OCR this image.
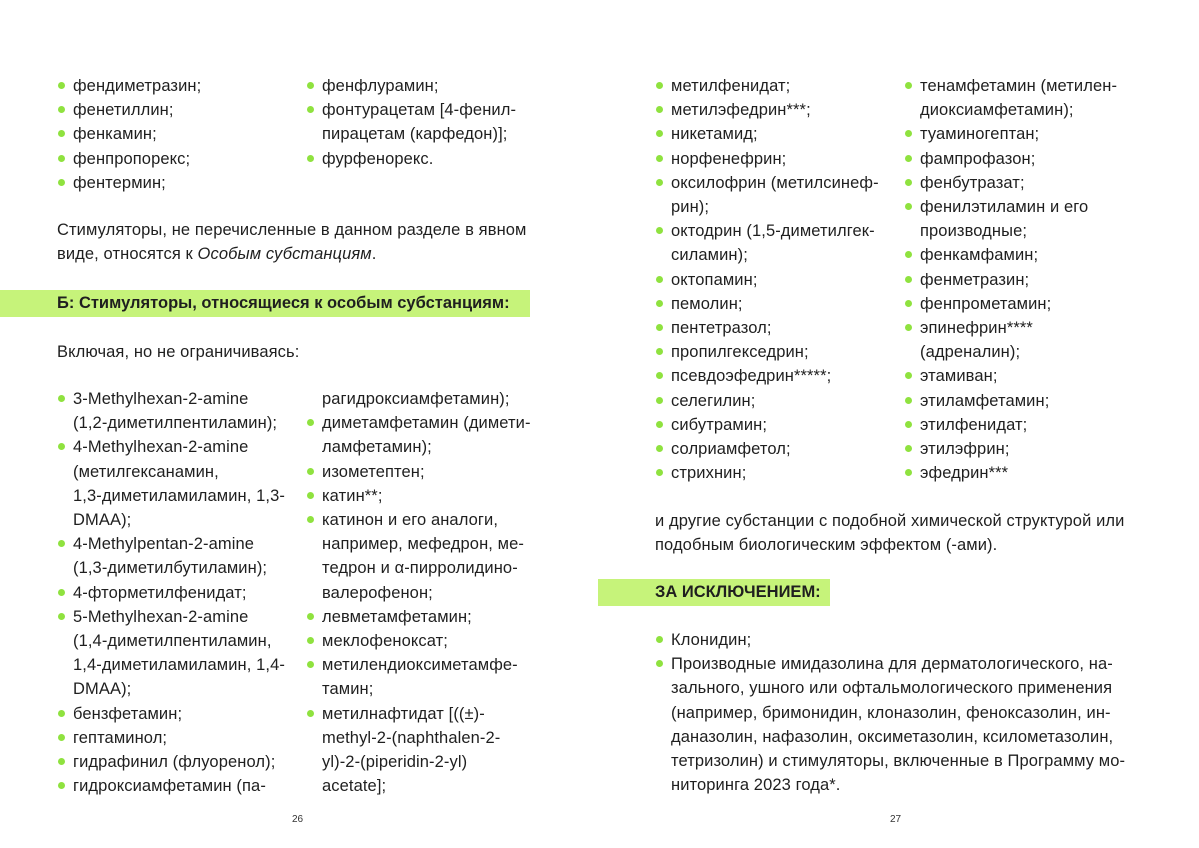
фендиметразин;
фенетиллин;
фенкамин;
фенпропорекс;
фентермин;
фенфлурамин;
фонтурацетам [4-фенил-
пирацетам (карфедон)];
фурфенорекс.

Стимуляторы, не перечисленные в данном разделе в явном
виде, относятся к Особым субстанциям.

Б: Стимуляторы, относящиеся к особым субстанциям:

Включая, но не ограничиваясь:

3-Methylhexan-2-amine
(1,2-диметилпентиламин);
4-Methylhexan-2-amine
(метилгексанамин,
1,3-диметиламиламин, 1,3-
DMAA);
4-Methylpentan-2-amine
(1,3-диметилбутиламин);
4-фторметилфенидат;
5-Methylhexan-2-amine
(1,4-диметилпентиламин,
1,4-диметиламиламин, 1,4-
DMAA);
бензфетамин;
гептаминол;
гидрафинил (флуоренол);
гидроксиамфетамин (па-
рагидроксиамфетамин);
диметамфетамин (димети-
ламфетамин);
изометептен;
катин**;
катинон и его аналоги,
например, мефедрон, ме-
тедрон и α-пирролидино-
валерофенон;
левметамфетамин;
меклофеноксат;
метилендиоксиметамфе-
тамин;
метилнафтидат [((±)-
methyl-2-(naphthalen-2-
yl)-2-(piperidin-2-yl)
acetate];
26
метилфенидат;
метилэфедрин***;
никетамид;
норфенефрин;
оксилофрин (метилсинеф-
рин);
октодрин (1,5-диметилгек-
силамин);
октопамин;
пемолин;
пентетразол;
пропилгекседрин;
псевдоэфедрин*****;
селегилин;
сибутрамин;
солриамфетол;
стрихнин;
тенамфетамин (метилен-
диоксиамфетамин);
туаминогептан;
фампрофазон;
фенбутразат;
фенилэтиламин и его
производные;
фенкамфамин;
фенметразин;
фенпрометамин;
эпинефрин****
(адреналин);
этамиван;
этиламфетамин;
этилфенидат;
этилэфрин;
эфедрин***

и другие субстанции с подобной химической структурой или
подобным биологическим эффектом (-ами).

ЗА ИСКЛЮЧЕНИЕМ:
Клонидин;
Производные имидазолина для дерматологического, на-
зального, ушного или офтальмологического применения
(например, бримонидин, клоназолин, феноксазолин, ин-
даназолин, нафазолин, оксиметазолин, ксилометазолин,
тетризолин) и стимуляторы, включенные в Программу мо-
ниторинга 2023 года*.
27
